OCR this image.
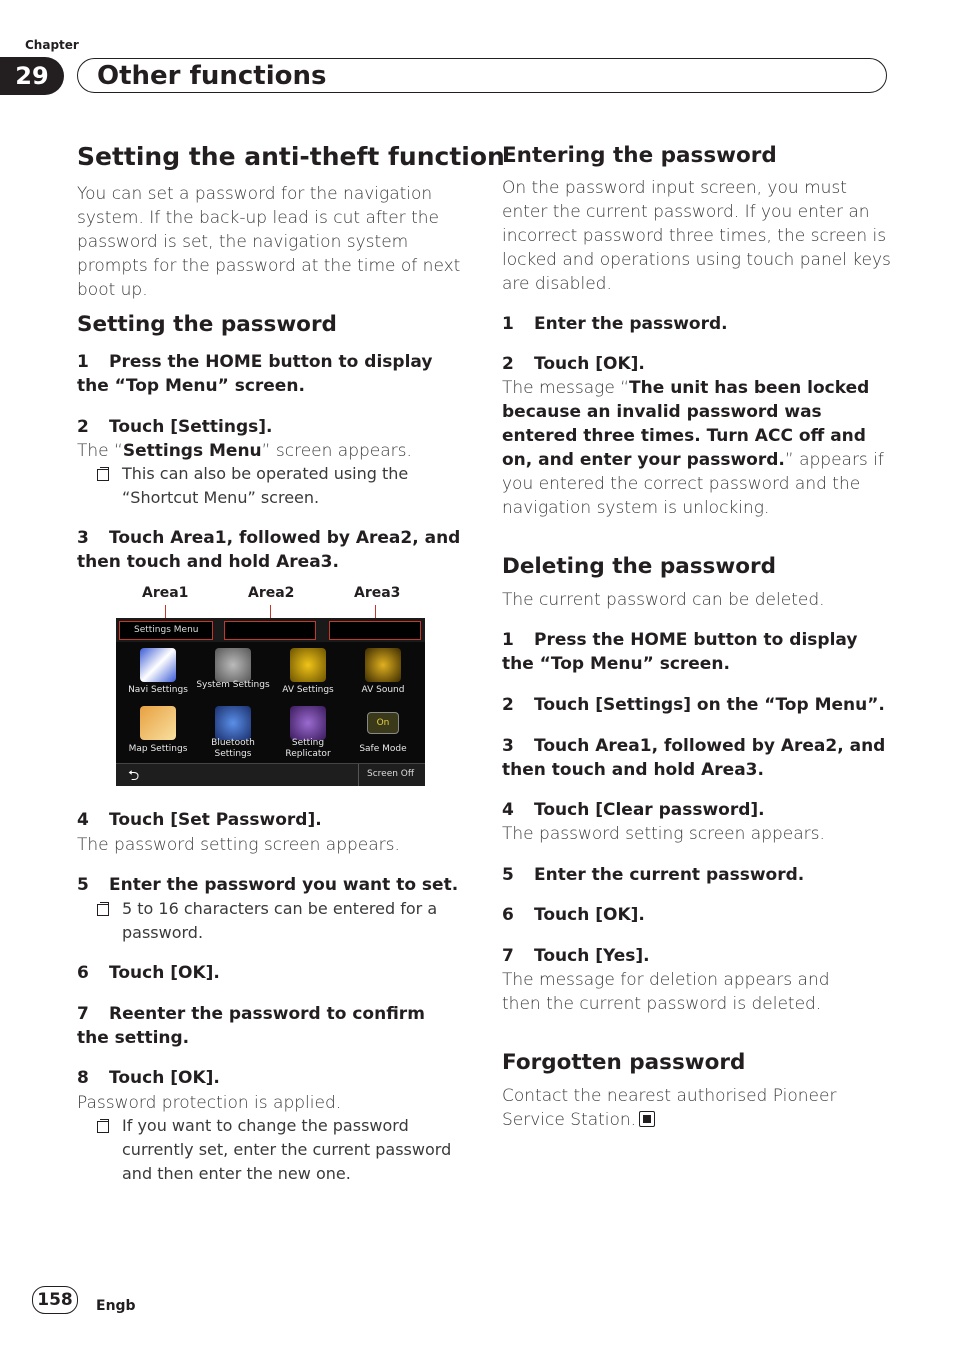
Chapter
29	Other functions
Setting the anti-theft function
You can set a password for the navigation system. If the back-up lead is cut after the password is set, the navigation system prompts for the password at the time of next boot up.
Setting the password
1 Press the HOME button to display the “Top Menu” screen.
2 Touch [Settings].
The “Settings Menu” screen appears.
This can also be operated using the “Shortcut Menu” screen.
3 Touch Area1, followed by Area2, and then touch and hold Area3.
4 Touch [Set Password].
The password setting screen appears.
5 Enter the password you want to set.
5 to 16 characters can be entered for a password.
6 Touch [OK].
7 Reenter the password to confirm the setting.
8 Touch [OK].
Password protection is applied.
If you want to change the password currently set, enter the current password and then enter the new one.
Area1	Area2	Area3
Settings Menu
Navi Settings System Settings	AV Settings	AV Sound
On
Map Settings
Bluetooth Settings
Setting Replicator	Safe Mode
⮌	Screen Off
Entering the password
On the password input screen, you must enter the current password. If you enter an incorrect password three times, the screen is locked and operations using touch panel keys are disabled.
1 Enter the password.
2 Touch [OK].
The message “The unit has been locked because an invalid password was entered three times. Turn ACC off and on, and enter your password.” appears if you entered the correct password and the navigation system is unlocking.
Deleting the password
The current password can be deleted.
1 Press the HOME button to display the “Top Menu” screen.
2 Touch [Settings] on the “Top Menu”.
3 Touch Area1, followed by Area2, and then touch and hold Area3.
4 Touch [Clear password].
The password setting screen appears.
5 Enter the current password.
6 Touch [OK].
7 Touch [Yes].
The message for deletion appears and then the current password is deleted.
Forgotten password
Contact the nearest authorised Pioneer Service Station.
158	Engb
